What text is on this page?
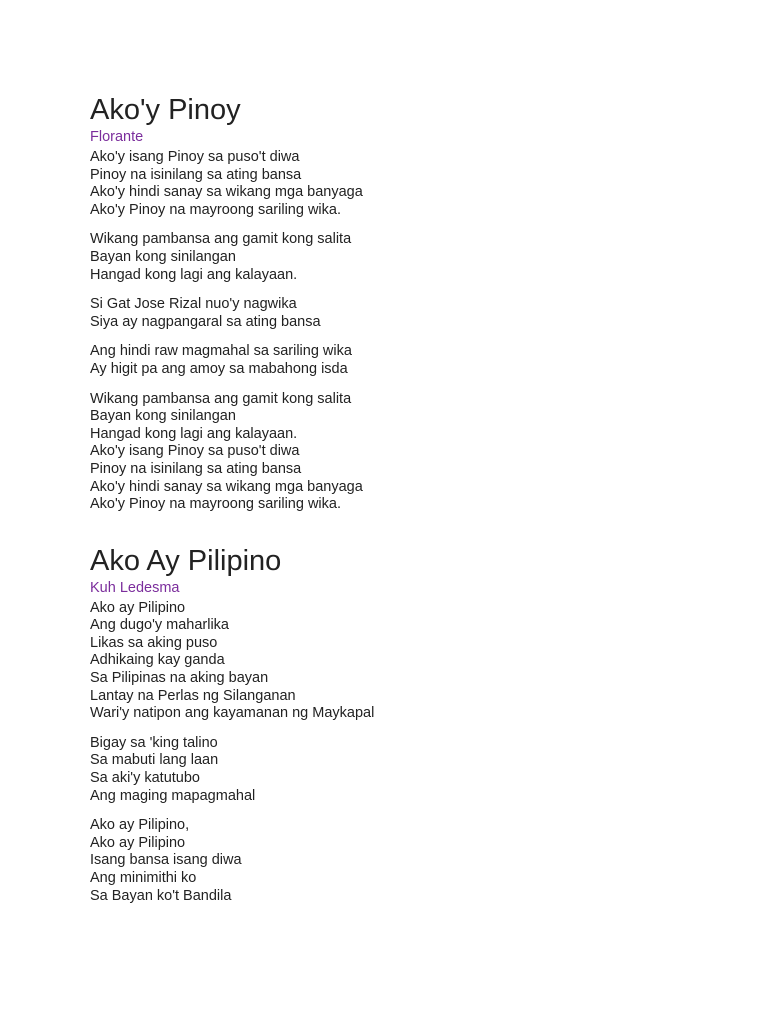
Ako'y Pinoy
Florante
Ako'y isang Pinoy sa puso't diwa
Pinoy na isinilang sa ating bansa
Ako'y hindi sanay sa wikang mga banyaga
Ako'y Pinoy na mayroong sariling wika.
Wikang pambansa ang gamit kong salita
Bayan kong sinilangan
Hangad kong lagi ang kalayaan.
Si Gat Jose Rizal nuo'y nagwika
Siya ay nagpangaral sa ating bansa
Ang hindi raw magmahal sa sariling wika
Ay higit pa ang amoy sa mabahong isda
Wikang pambansa ang gamit kong salita
Bayan kong sinilangan
Hangad kong lagi ang kalayaan.
Ako'y isang Pinoy sa puso't diwa
Pinoy na isinilang sa ating bansa
Ako'y hindi sanay sa wikang mga banyaga
Ako'y Pinoy na mayroong sariling wika.
Ako Ay Pilipino
Kuh Ledesma
Ako ay Pilipino
Ang dugo'y maharlika
Likas sa aking puso
Adhikaing kay ganda
Sa Pilipinas na aking bayan
Lantay na Perlas ng Silanganan
Wari'y natipon ang kayamanan ng Maykapal
Bigay sa 'king talino
Sa mabuti lang laan
Sa aki'y katutubo
Ang maging mapagmahal
Ako ay Pilipino,
Ako ay Pilipino
Isang bansa isang diwa
Ang minimithi ko
Sa Bayan ko't Bandila
